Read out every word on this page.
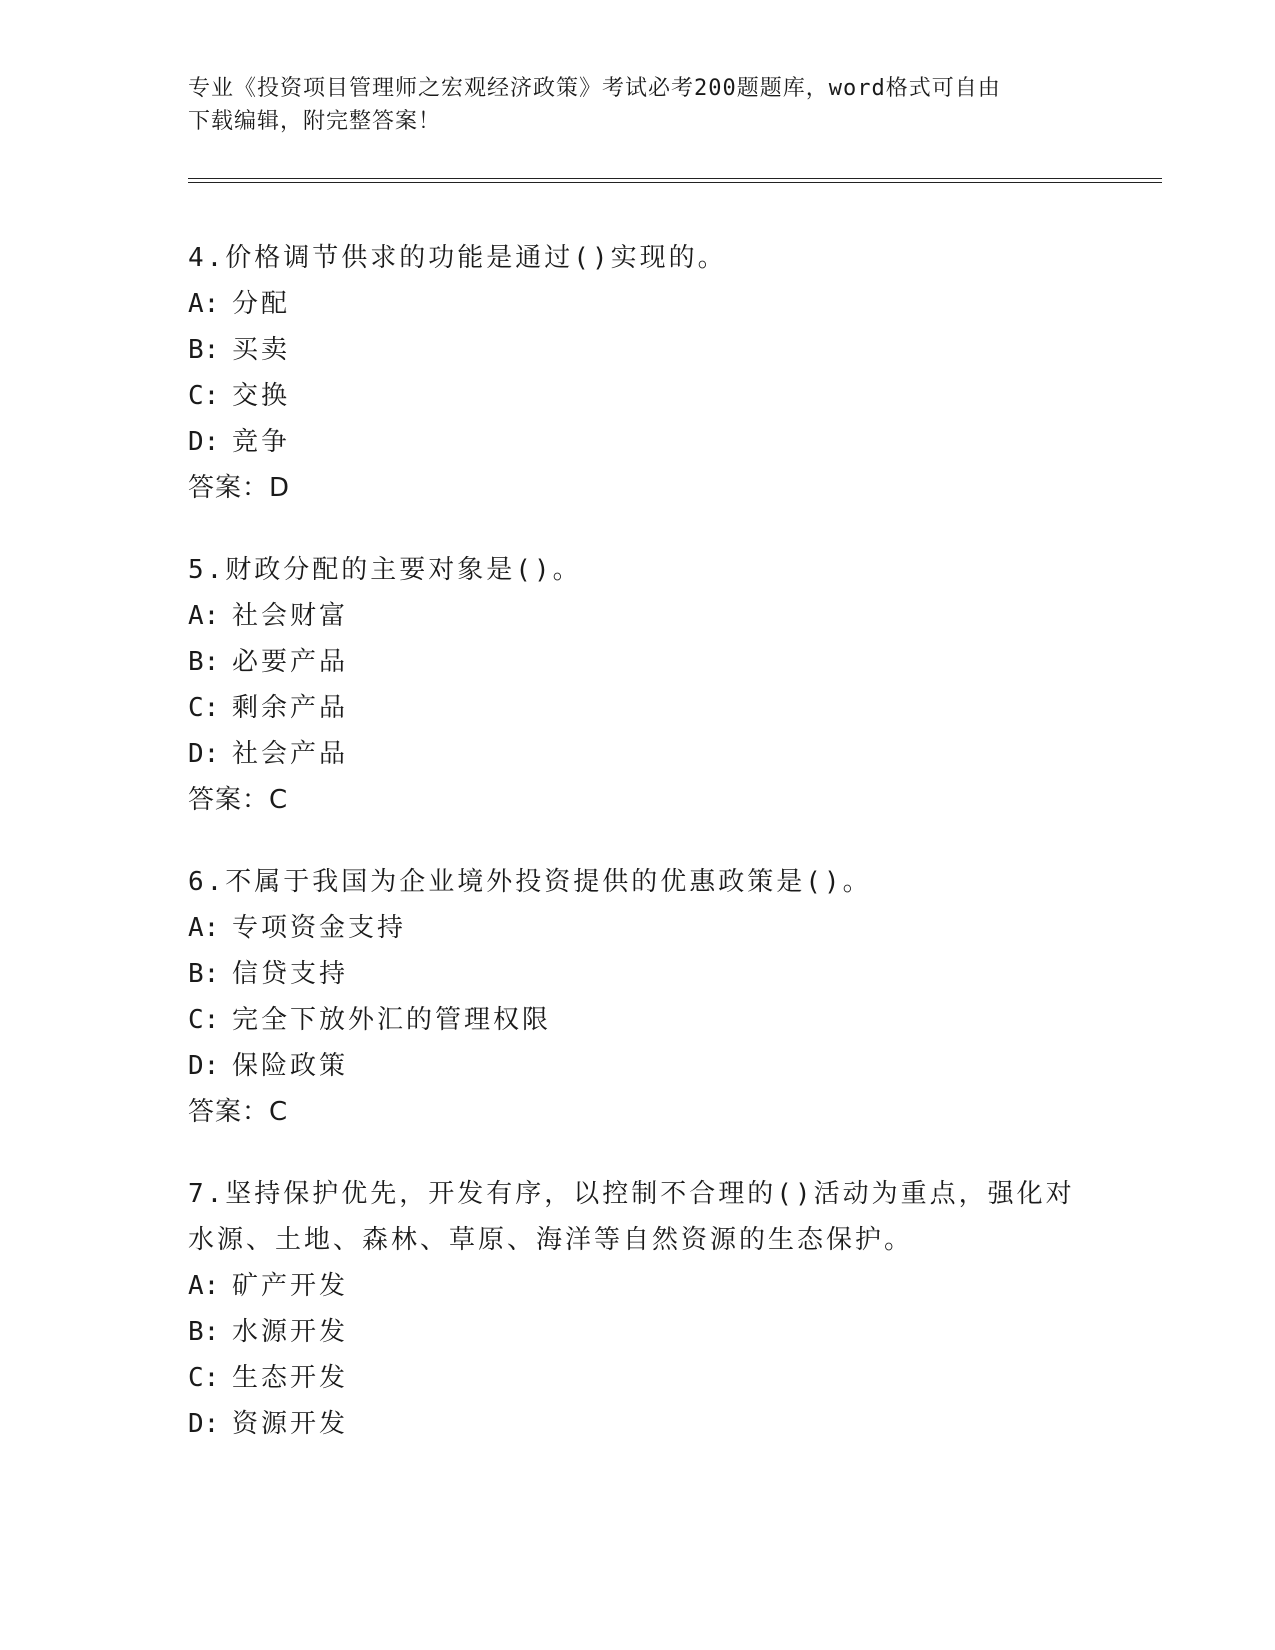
专业《投资项目管理师之宏观经济政策》考试必考200题题库，word格式可自由
下载编辑，附完整答案！
4.价格调节供求的功能是通过()实现的。
A: 分配
B: 买卖
C: 交换
D: 竞争
答案：D
5.财政分配的主要对象是()。
A: 社会财富
B: 必要产品
C: 剩余产品
D: 社会产品
答案：C
6.不属于我国为企业境外投资提供的优惠政策是()。
A: 专项资金支持
B: 信贷支持
C: 完全下放外汇的管理权限
D: 保险政策
答案：C
7.坚持保护优先，开发有序，以控制不合理的()活动为重点，强化对
水源、土地、森林、草原、海洋等自然资源的生态保护。
A: 矿产开发
B: 水源开发
C: 生态开发
D: 资源开发
